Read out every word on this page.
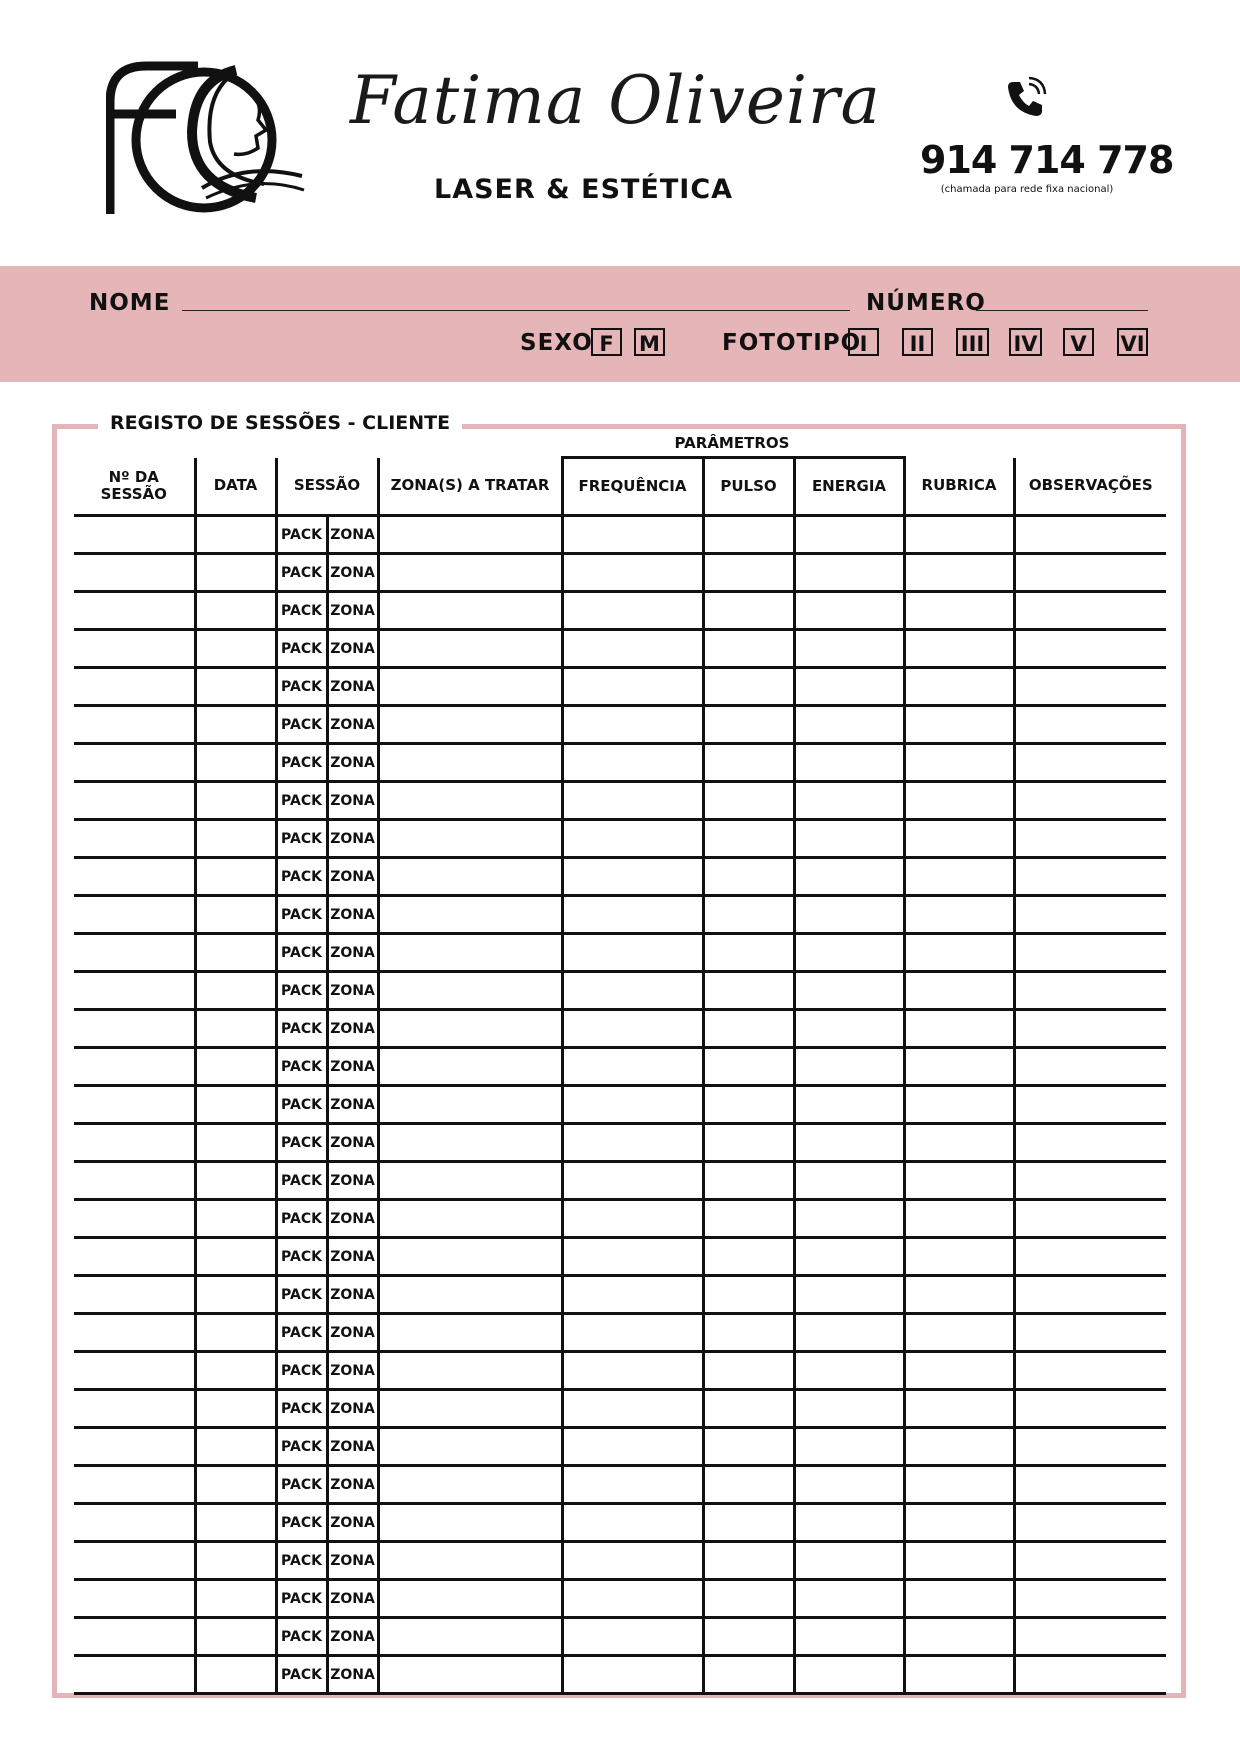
Fatima Oliveira
LASER & ESTÉTICA
914 714 778
(chamada para rede fixa nacional)
NOME	NÚMERO
SEXO F	M	FOTOTIPO
I	II	III IV	V	VI
REGISTO DE SESSÕES - CLIENTE
PARÂMETROS
Nº DA SESSÃO	DATA	SESSÃO		ZONA(S) A TRATAR	FREQUÊNCIA	PULSO	ENERGIA	RUBRICA	OBSERVAÇÕES
		PACK	ZONA						
		PACK	ZONA						
		PACK	ZONA						
		PACK	ZONA						
		PACK	ZONA						
		PACK	ZONA						
		PACK	ZONA						
		PACK	ZONA						
		PACK	ZONA						
		PACK	ZONA						
		PACK	ZONA						
		PACK	ZONA						
		PACK	ZONA						
		PACK	ZONA						
		PACK	ZONA						
		PACK	ZONA						
		PACK	ZONA						
		PACK	ZONA						
		PACK	ZONA						
		PACK	ZONA						
		PACK	ZONA						
		PACK	ZONA						
		PACK	ZONA						
		PACK	ZONA						
		PACK	ZONA						
		PACK	ZONA						
		PACK	ZONA						
		PACK	ZONA						
		PACK	ZONA						
		PACK	ZONA						
		PACK	ZONA						
